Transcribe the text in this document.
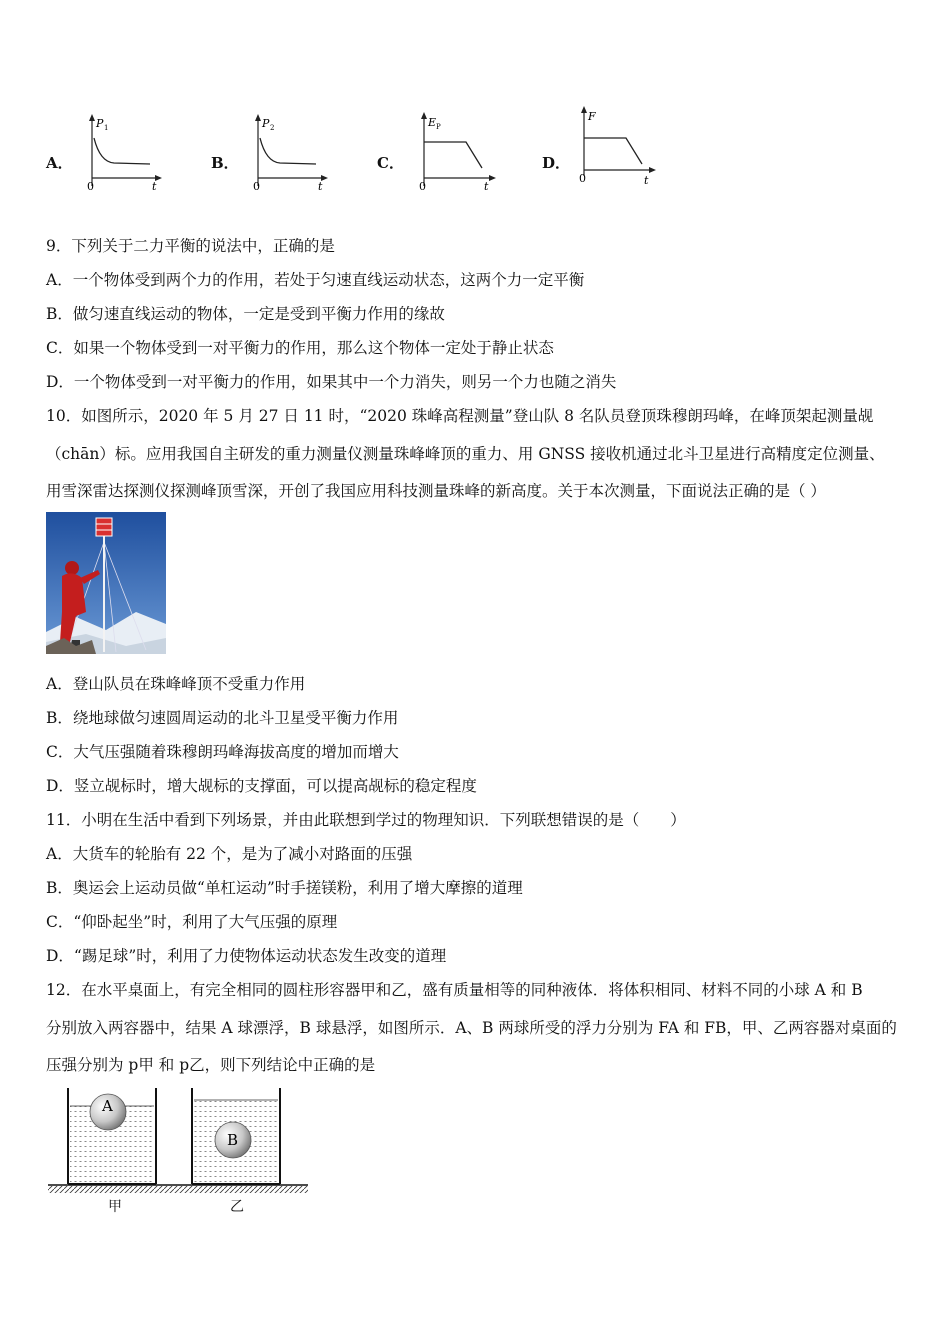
A．
P 1
0	t
B．
P 2
0	t
C．
E P
0	t
D．
F
0	t
9．下列关于二力平衡的说法中，正确的是
A．一个物体受到两个力的作用，若处于匀速直线运动状态，这两个力一定平衡
B．做匀速直线运动的物体，一定是受到平衡力作用的缘故
C．如果一个物体受到一对平衡力的作用，那么这个物体一定处于静止状态
D．一个物体受到一对平衡力的作用，如果其中一个力消失，则另一个力也随之消失
10．如图所示，2020 年 5 月 27 日 11 时，“2020 珠峰高程测量”登山队 8 名队员登顶珠穆朗玛峰，在峰顶架起测量觇
（chān）标。应用我国自主研发的重力测量仪测量珠峰峰顶的重力、用 GNSS 接收机通过北斗卫星进行高精度定位测量、
用雪深雷达探测仪探测峰顶雪深，开创了我国应用科技测量珠峰的新高度。关于本次测量，下面说法正确的是（ ）
A．登山队员在珠峰峰顶不受重力作用
B．绕地球做匀速圆周运动的北斗卫星受平衡力作用
C．大气压强随着珠穆朗玛峰海拔高度的增加而增大
D．竖立觇标时，增大觇标的支撑面，可以提高觇标的稳定程度
11．小明在生活中看到下列场景，并由此联想到学过的物理知识．下列联想错误的是（　　）
A．大货车的轮胎有 22 个，是为了减小对路面的压强
B．奥运会上运动员做“单杠运动”时手搓镁粉，利用了增大摩擦的道理
C．“仰卧起坐”时，利用了大气压强的原理
D．“踢足球”时，利用了力使物体运动状态发生改变的道理
12．在水平桌面上，有完全相同的圆柱形容器甲和乙，盛有质量相等的同种液体．将体积相同、材料不同的小球 A 和 B
分别放入两容器中，结果 A 球漂浮，B 球悬浮，如图所示．A、B 两球所受的浮力分别为 FA 和 FB，甲、乙两容器对桌面的
压强分别为 p甲 和 p乙，则下列结论中正确的是
A
B
甲	乙
